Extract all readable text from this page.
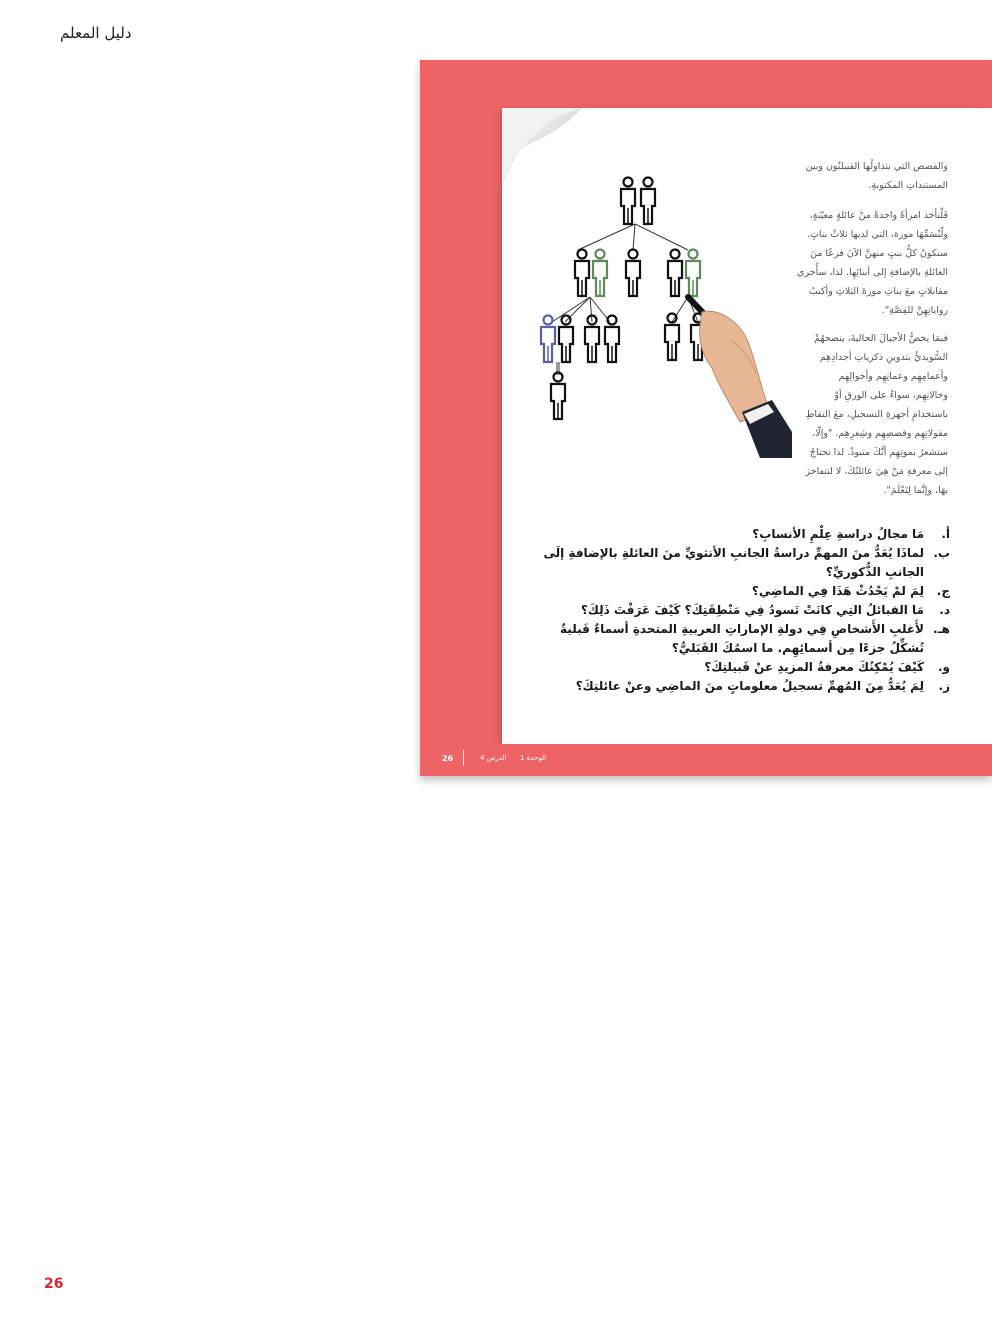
دليل المعلم
26	الدرس 4 الوحدة 1
والقصص التي يتداولُها القبيلتُون وبين
المستنداتِ المكتوبةِ.
فَلْنأخذ امرأةً واحدةً منْ عائلةٍ معيّنةٍ،
ولْنُسَمِّهَا موزة، التي لديها ثلاثُ بناتٍ.
ستكونُ كلُّ بنتٍ منهنَّ الآنَ فرعًا منَ
العائلةِ بالإضافةِ إلى أبنائِهِا. لذا، سأُجري
مقابلاتٍ معَ بناتِ موزةَ الثلاثِ وأكتبُ
رواياتِهِنَّ للقِصَّةِ".
فيمَا يخصُّ الأجيالَ الحاليةَ، ينصحهُمْ
السُّويديُّ بتدوينِ ذكرياتِ أجدادِهِم
وأعمامِهِم وعماتِهِم وأخوالِهِم
وخالاتِهِم، سواءٌ على الورقِ أوْ
باستخدامِ أجهزةِ التسجيلِ، معَ التقاطِ
مقولاتِهِم وقصصِهِم وشِعرِهِم. "وإلّا،
ستشعرُ بموتِهِم أنَّكَ متبوذٌ. لذا تحتاجُ
إلى معرفةِ مَنْ هِيَ عائلتُكَ، لا لتتفاخرَ
بهَا، وإنَّما لِتَعْلَمَ".
أ.
مَا مجالُ دراسةِ عِلْمِ الأنسابِ؟
ب.
لماذَا يُعَدُّ منَ المهمِّ دراسةُ الجانبِ الأنثويِّ منَ العائلةِ بالإضافةِ إلَى الجانبِ الذُّكوريِّ؟
ج.
لِمَ لمْ يَحْدُثْ هَذَا فِي الماضِي؟
د.
مَا القبائلُ التِي كانَتْ تَسودُ فِي مَنْطِقَتِكَ؟ كَيْفَ عَرَفْتَ ذَلِكَ؟
هـ.
لأَغلبِ الأَشخاصِ فِي دولةِ الإماراتِ العربيةِ المتحدةِ أسماءٌ قَبليةٌ تُشكِّلُ جزءًا مِن أسمائِهِم. ما اسمُكَ القَبَليُّ؟
و.
كَيْفَ يُمْكِنُكَ معرفةُ المزيدِ عنْ قَبيلتِكَ؟
ز.
لِمَ يُعَدُّ مِنَ المُهمِّ تسجيلُ معلوماتٍ منَ الماضِي وعنْ عائلتِكَ؟
26
